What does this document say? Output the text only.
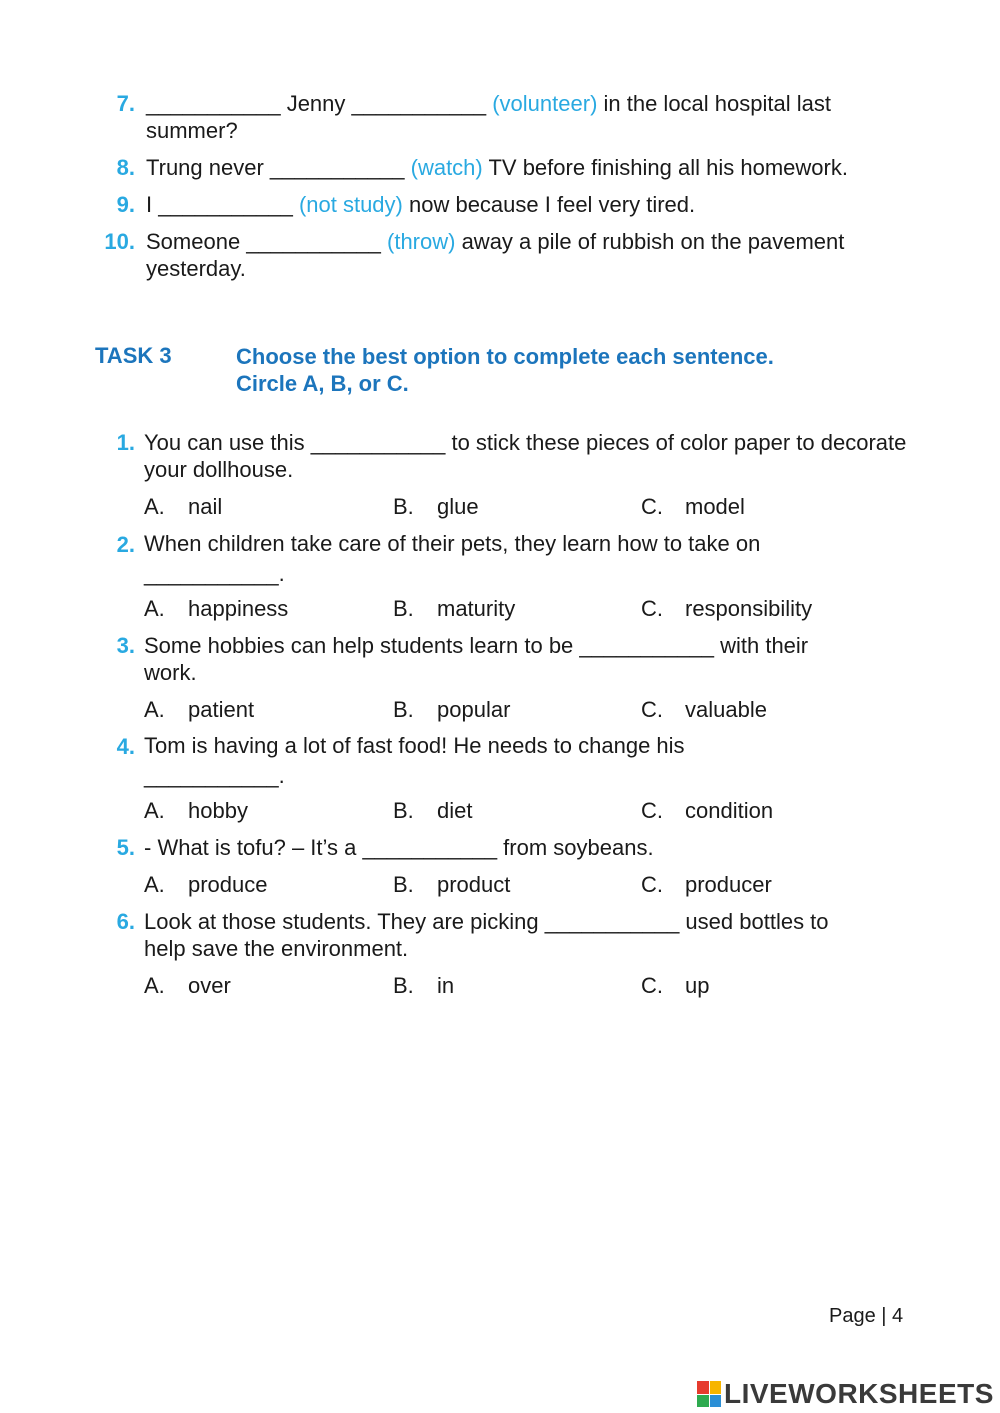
7. ___________ Jenny ___________ (volunteer) in the local hospital last summer?
8. Trung never ___________ (watch) TV before finishing all his homework.
9. I ___________ (not study) now because I feel very tired.
10. Someone ___________ (throw) away a pile of rubbish on the pavement yesterday.
TASK 3	Choose the best option to complete each sentence.
Circle A, B, or C.
1. You can use this ___________ to stick these pieces of color paper to decorate your dollhouse.
A. nail	B. glue	C. model
2. When children take care of their pets, they learn how to take on ___________.
A. happiness	B. maturity	C. responsibility
3. Some hobbies can help students learn to be ___________ with their work.
A. patient	B. popular	C. valuable
4. Tom is having a lot of fast food! He needs to change his ___________.
A. hobby	B. diet	C. condition
5. - What is tofu? – It’s a ___________ from soybeans.
A. produce	B. product	C. producer
6. Look at those students. They are picking ___________ used bottles to help save the environment.
A. over	B. in	C. up
Page | 4
LIVEWORKSHEETS
